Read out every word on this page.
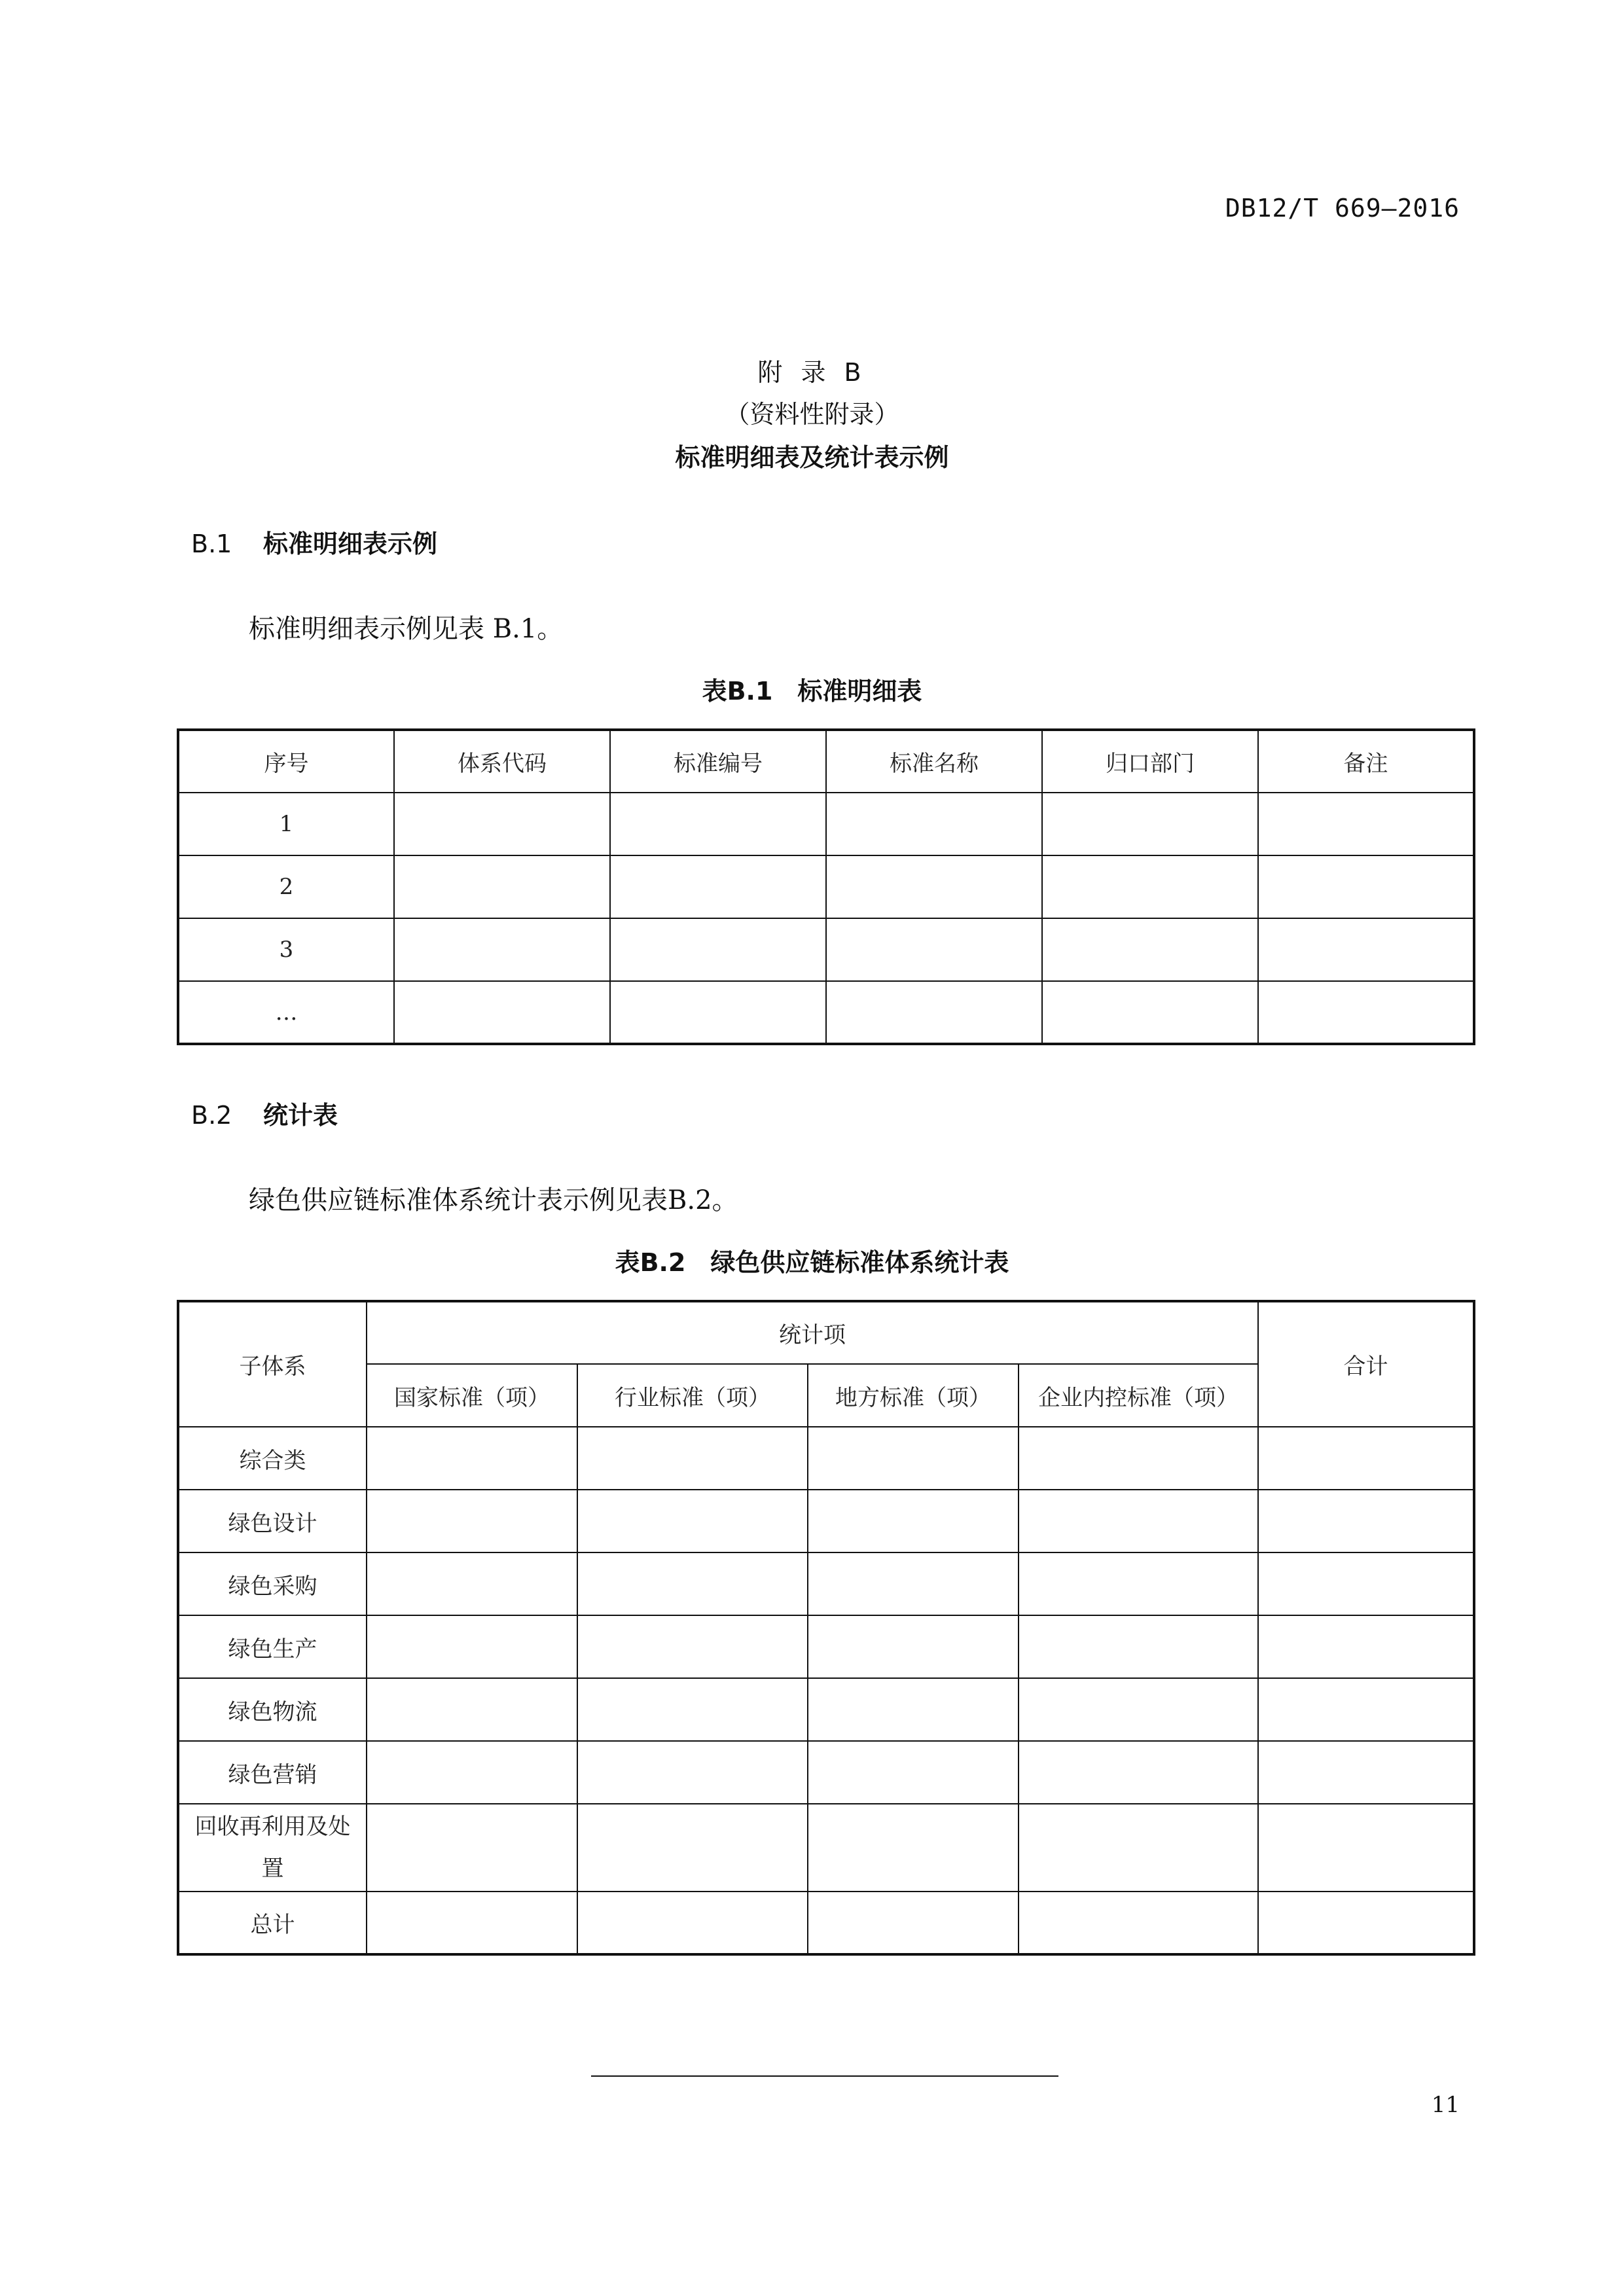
DB12/T 669—2016
附 录 B
（资料性附录）
标准明细表及统计表示例
B.1 标准明细表示例
标准明细表示例见表 B.1。
表B.1　标准明细表
序号	体系代码	标准编号	标准名称	归口部门	备注
1					
2					
3					
…					
B.2 统计表
绿色供应链标准体系统计表示例见表B.2。
表B.2　绿色供应链标准体系统计表
子体系	统计项				合计
	国家标准（项）	行业标准（项）	地方标准（项）	企业内控标准（项）	
综合类					
绿色设计					
绿色采购					
绿色生产					
绿色物流					
绿色营销					
回收再利用及处置					
总计					
11
